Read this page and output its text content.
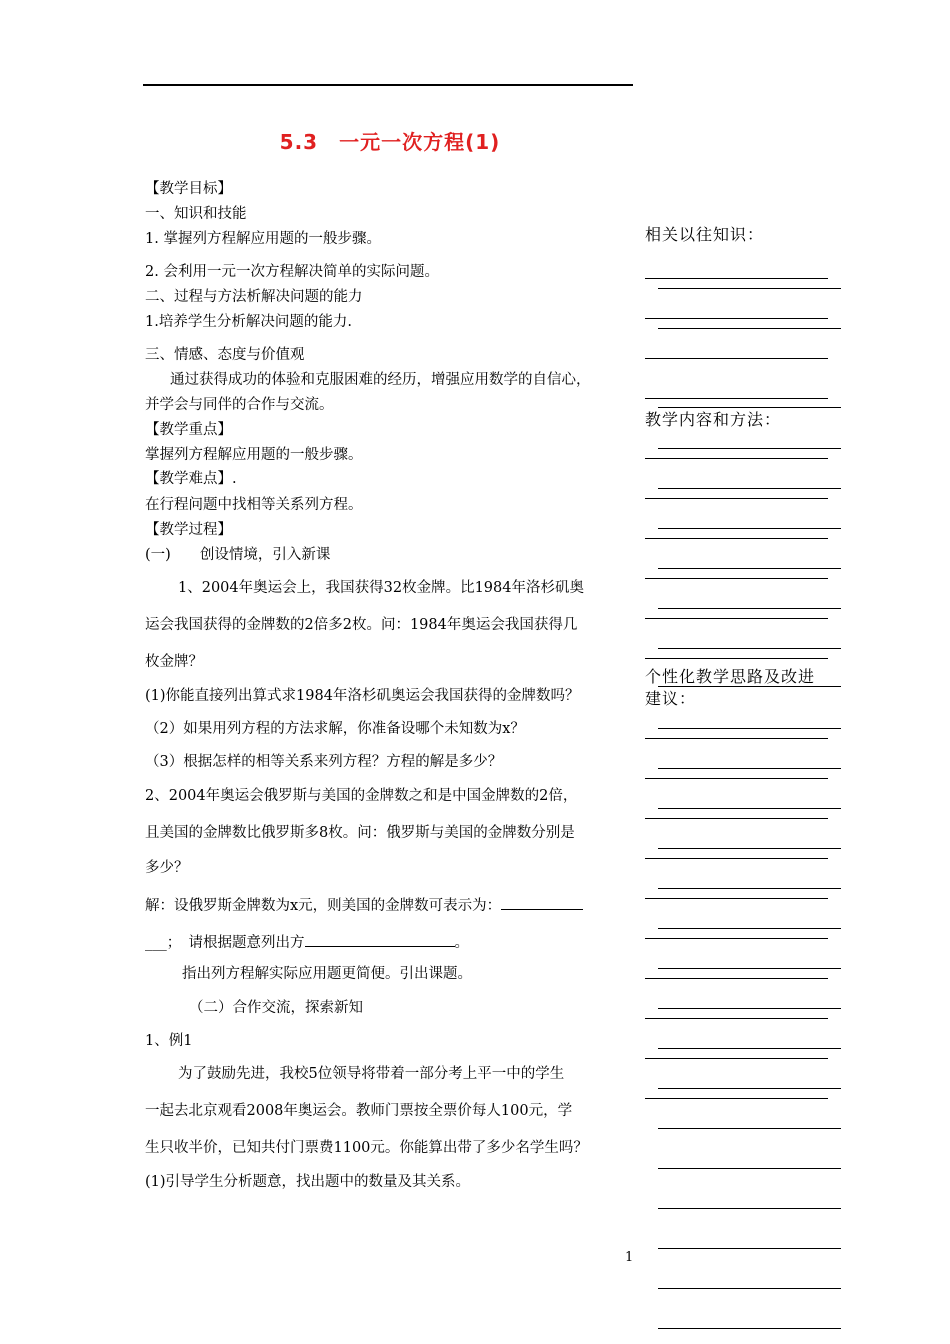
5.3　一元一次方程(1)
【教学目标】
一、知识和技能
1. 掌握列方程解应用题的一般步骤。
2. 会利用一元一次方程解决简单的实际问题。
二、过程与方法析解决问题的能力
1.培养学生分析解决问题的能力.
三、情感、态度与价值观
通过获得成功的体验和克服困难的经历，增强应用数学的自信心，
并学会与同伴的合作与交流。
【教学重点】
掌握列方程解应用题的一般步骤。
【教学难点】.
在行程问题中找相等关系列方程。
【教学过程】
(一)　　创设情境，引入新课
1、2004年奥运会上，我国获得32枚金牌。比1984年洛杉矶奥
运会我国获得的金牌数的2倍多2枚。问：1984年奥运会我国获得几
枚金牌？
(1)你能直接列出算式求1984年洛杉矶奥运会我国获得的金牌数吗？
（2）如果用列方程的方法求解，你准备设哪个未知数为x？
（3）根据怎样的相等关系来列方程？方程的解是多少？
2、2004年奥运会俄罗斯与美国的金牌数之和是中国金牌数的2倍，
且美国的金牌数比俄罗斯多8枚。问：俄罗斯与美国的金牌数分别是
多少？
解：设俄罗斯金牌数为x元，则美国的金牌数可表示为：
___；　请根据题意列出方	。
指出列方程解实际应用题更简便。引出课题。
（二）合作交流，探索新知
1、例1
为了鼓励先进，我校5位领导将带着一部分考上平一中的学生
一起去北京观看2008年奥运会。教师门票按全票价每人100元，学
生只收半价，已知共付门票费1100元。你能算出带了多少名学生吗？
(1)引导学生分析题意，找出题中的数量及其关系。
相关以往知识：
教学内容和方法：
个性化教学思路及改进
建议：
1
